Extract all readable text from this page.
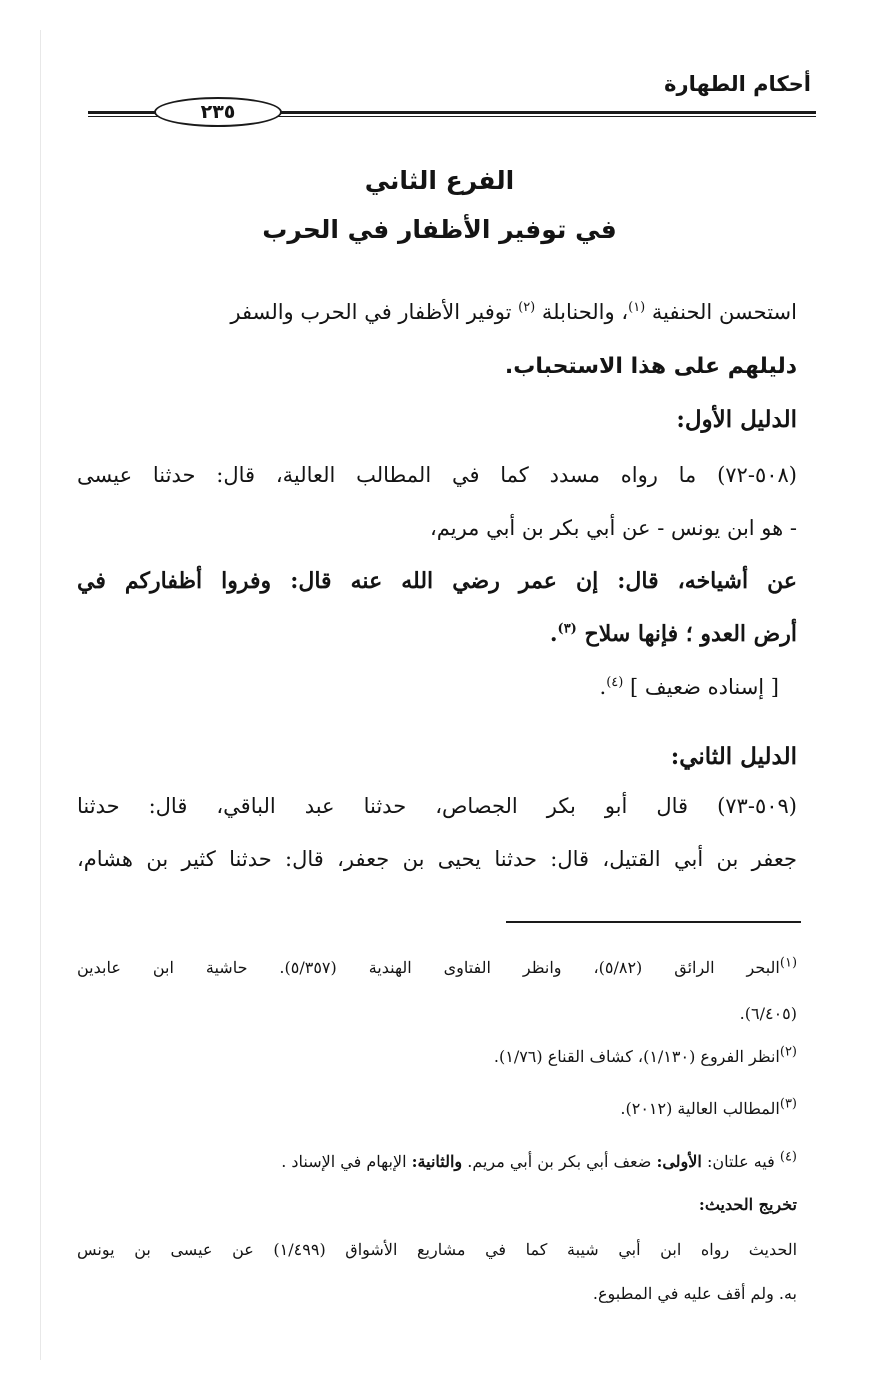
أحكام الطهارة
٢٣٥
الفرع الثاني
في توفير الأظفار في الحرب
استحسن الحنفية $^{(١)}$، والحنابلة $^{(٢)}$ توفير الأظفار في الحرب والسفر
دليلهم على هذا الاستحباب.
الدليل الأول:
(٥٠٨-٧٢) ما رواه مسدد كما في المطالب العالية، قال: حدثنا عيسى
- هو ابن يونس - عن أبي بكر بن أبي مريم،
عن أشياخه، قال: إن عمر رضي الله عنه قال: وفروا أظفاركم في
أرض العدو ؛ فإنها سلاح $^{(٣)}$.
[ إسناده ضعيف ] $^{(٤)}$.
الدليل الثاني:
(٥٠٩-٧٣) قال أبو بكر الجصاص، حدثنا عبد الباقي، قال: حدثنا
جعفر بن أبي القتيل، قال: حدثنا يحيى بن جعفر، قال: حدثنا كثير بن هشام،
$^{(١)}$البحر الرائق (٥/٨٢)، وانظر الفتاوى الهندية (٥/٣٥٧). حاشية ابن عابدين
(٦/٤٠٥).
$^{(٢)}$انظر الفروع (١/١٣٠)، كشاف القناع (١/٧٦).
$^{(٣)}$المطالب العالية (٢٠١٢).
$^{(٤)}$ فيه علتان: الأولى: ضعف أبي بكر بن أبي مريم. والثانية: الإبهام في الإسناد .
تخريج الحديث:
الحديث رواه ابن أبي شيبة كما في مشاريع الأشواق (١/٤٩٩) عن عيسى بن يونس
به. ولم أقف عليه في المطبوع.
